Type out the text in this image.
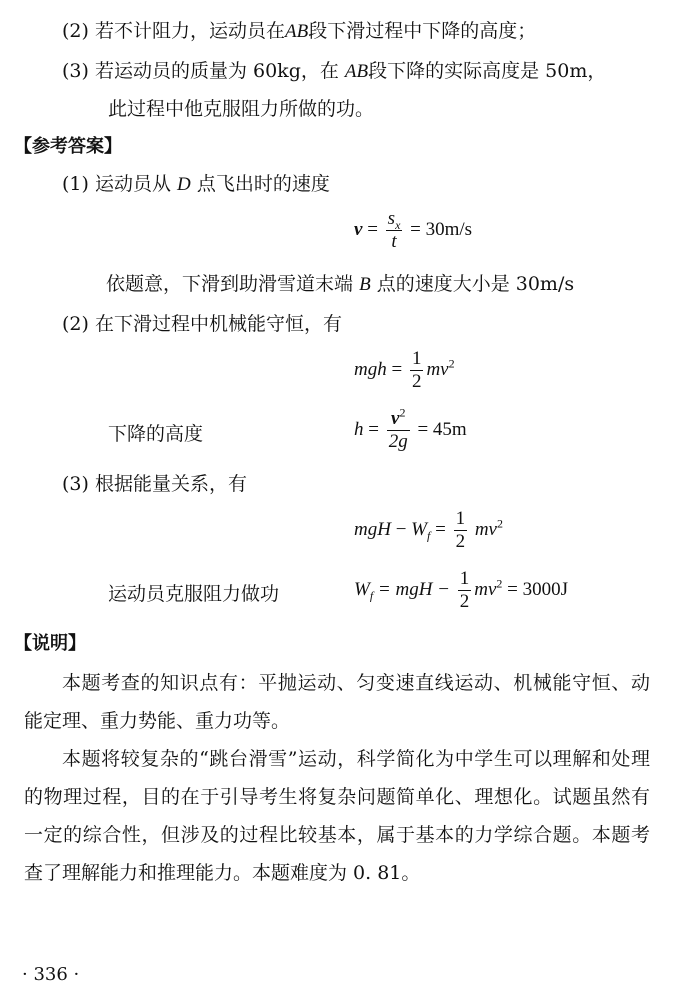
(2) 若不计阻力，运动员在AB段下滑过程中下降的高度；
(3) 若运动员的质量为 60kg，在 AB段下降的实际高度是 50m，
此过程中他克服阻力所做的功。
【参考答案】
(1) 运动员从 D 点飞出时的速度
$v = \frac{s_x}{t} = 30m/s$
依题意，下滑到助滑雪道末端 B 点的速度大小是 30m/s
(2) 在下滑过程中机械能守恒，有
mgh = $\frac{1}{2} mv^2$
下降的高度	$h = \frac{v^2}{2g} = 45m$
(3) 根据能量关系，有
mgH − $W_f = \frac{1}{2} mv^2$
运动员克服阻力做功	$W_f$ = mgH − $\frac{1}{2} mv^2 = 3000J$
【说明】
本题考查的知识点有：平抛运动、匀变速直线运动、机械能守恒、动能定理、重力势能、重力功等。
本题将较复杂的“跳台滑雪”运动，科学简化为中学生可以理解和处理的物理过程，目的在于引导考生将复杂问题简单化、理想化。试题虽然有一定的综合性，但涉及的过程比较基本，属于基本的力学综合题。本题考查了理解能力和推理能力。本题难度为 0. 81。
· 336 ·
